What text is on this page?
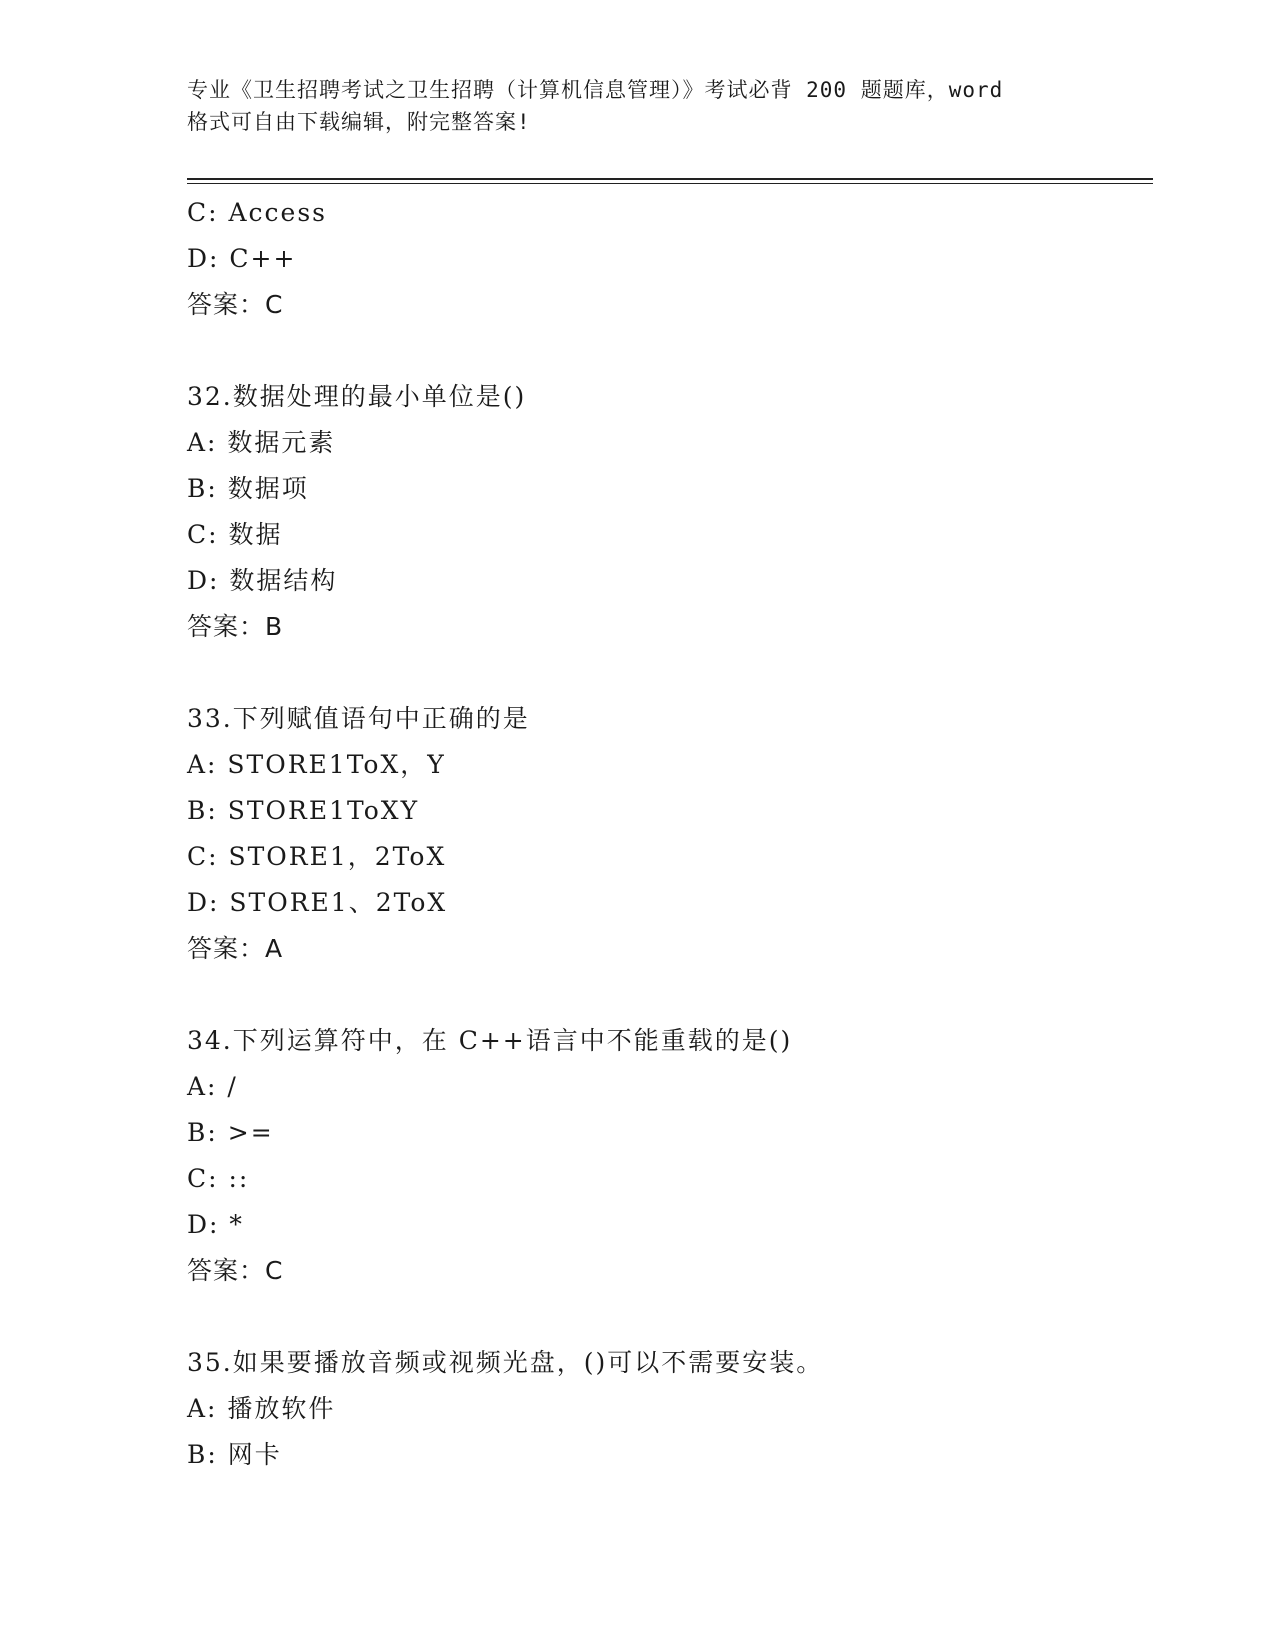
专业《卫生招聘考试之卫生招聘（计算机信息管理）》考试必背 200 题题库，word
格式可自由下载编辑，附完整答案!
C: Access
D: C++
答案：C
32.数据处理的最小单位是()
A: 数据元素
B: 数据项
C: 数据
D: 数据结构
答案：B
33.下列赋值语句中正确的是
A: STORE1ToX，Y
B: STORE1ToXY
C: STORE1，2ToX
D: STORE1、2ToX
答案：A
34.下列运算符中，在 C++语言中不能重载的是()
A: /
B: >=
C: ::
D: *
答案：C
35.如果要播放音频或视频光盘，()可以不需要安装。
A: 播放软件
B: 网卡
